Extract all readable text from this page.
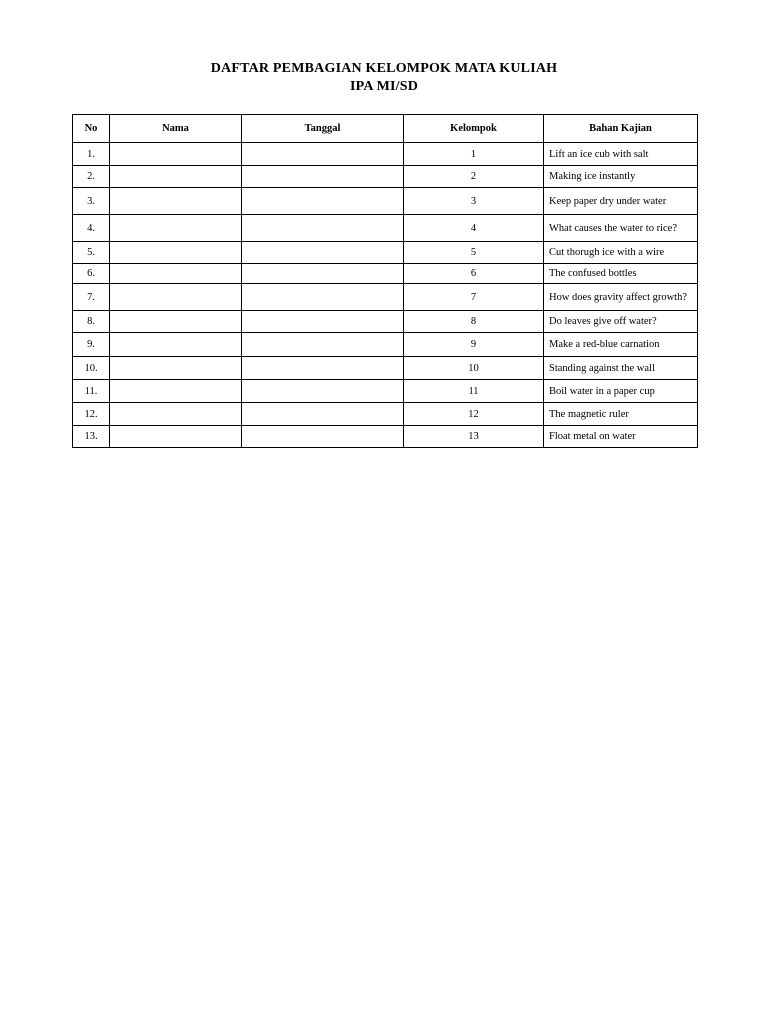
DAFTAR PEMBAGIAN KELOMPOK MATA KULIAH
IPA MI/SD
No	Nama	Tanggal	Kelompok	Bahan Kajian
1.			1	Lift an ice cub with salt
2.			2	Making ice instantly
3.			3	Keep paper dry under water
4.			4	What causes the water to rice?
5.			5	Cut thorugh ice with a wire
6.			6	The confused bottles
7.			7	How does gravity affect growth?
8.			8	Do leaves give off water?
9.			9	Make a red-blue carnation
10.			10	Standing against the wall
11.			11	Boil water in a paper cup
12.			12	The magnetic ruler
13.			13	Float metal on water
